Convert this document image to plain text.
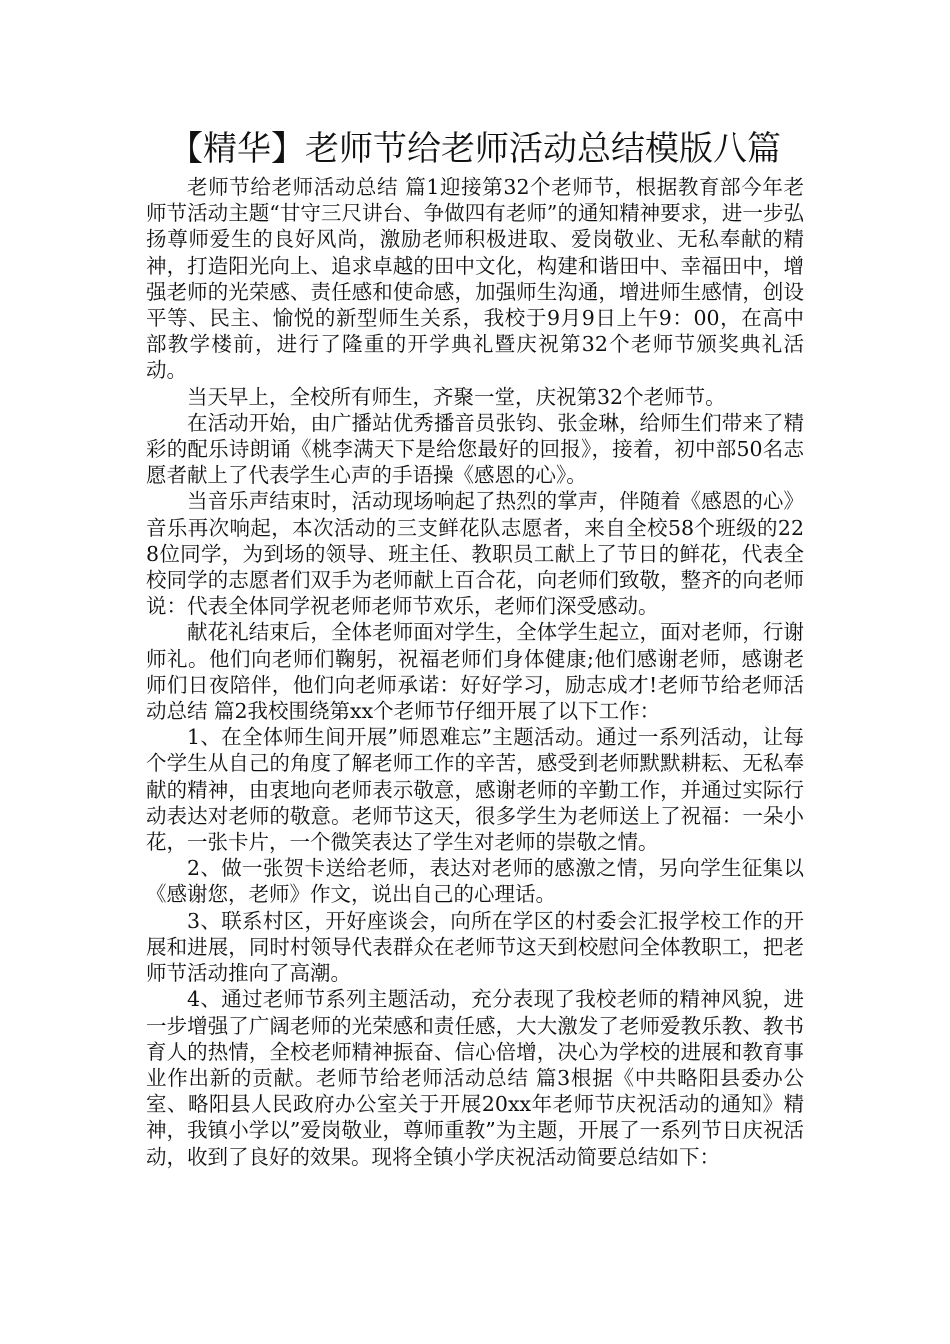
【精华】老师节给老师活动总结模版八篇

老师节给老师活动总结 篇1迎接第32个老师节，根据教育部今年老师节活动主题“甘守三尺讲台、争做四有老师”的通知精神要求，进一步弘扬尊师爱生的良好风尚，激励老师积极进取、爱岗敬业、无私奉献的精神，打造阳光向上、追求卓越的田中文化，构建和谐田中、幸福田中，增强老师的光荣感、责任感和使命感，加强师生沟通，增进师生感情，创设平等、民主、愉悦的新型师生关系，我校于9月9日上午9：00，在高中部教学楼前，进行了隆重的开学典礼暨庆祝第32个老师节颁奖典礼活动。

当天早上，全校所有师生，齐聚一堂，庆祝第32个老师节。

在活动开始，由广播站优秀播音员张钧、张金琳，给师生们带来了精彩的配乐诗朗诵《桃李满天下是给您最好的回报》，接着，初中部50名志愿者献上了代表学生心声的手语操《感恩的心》。

当音乐声结束时，活动现场响起了热烈的掌声，伴随着《感恩的心》音乐再次响起，本次活动的三支鲜花队志愿者，来自全校58个班级的228位同学，为到场的领导、班主任、教职员工献上了节日的鲜花，代表全校同学的志愿者们双手为老师献上百合花，向老师们致敬，整齐的向老师说：代表全体同学祝老师老师节欢乐，老师们深受感动。

献花礼结束后，全体老师面对学生，全体学生起立，面对老师，行谢师礼。他们向老师们鞠躬，祝福老师们身体健康;他们感谢老师，感谢老师们日夜陪伴，他们向老师承诺：好好学习，励志成才!老师节给老师活动总结 篇2我校围绕第xx个老师节仔细开展了以下工作：

1、在全体师生间开展”师恩难忘”主题活动。通过一系列活动，让每个学生从自己的角度了解老师工作的辛苦，感受到老师默默耕耘、无私奉献的精神，由衷地向老师表示敬意，感谢老师的辛勤工作，并通过实际行动表达对老师的敬意。老师节这天，很多学生为老师送上了祝福：一朵小花，一张卡片，一个微笑表达了学生对老师的崇敬之情。

2、做一张贺卡送给老师，表达对老师的感激之情，另向学生征集以《感谢您，老师》作文，说出自己的心理话。

3、联系村区，开好座谈会，向所在学区的村委会汇报学校工作的开展和进展，同时村领导代表群众在老师节这天到校慰问全体教职工，把老师节活动推向了高潮。

4、通过老师节系列主题活动，充分表现了我校老师的精神风貌，进一步增强了广阔老师的光荣感和责任感，大大激发了老师爱教乐教、教书育人的热情，全校老师精神振奋、信心倍增，决心为学校的进展和教育事业作出新的贡献。老师节给老师活动总结 篇3根据《中共略阳县委办公室、略阳县人民政府办公室关于开展20xx年老师节庆祝活动的通知》精神，我镇小学以”爱岗敬业，尊师重教”为主题，开展了一系列节日庆祝活动，收到了良好的效果。现将全镇小学庆祝活动简要总结如下：
